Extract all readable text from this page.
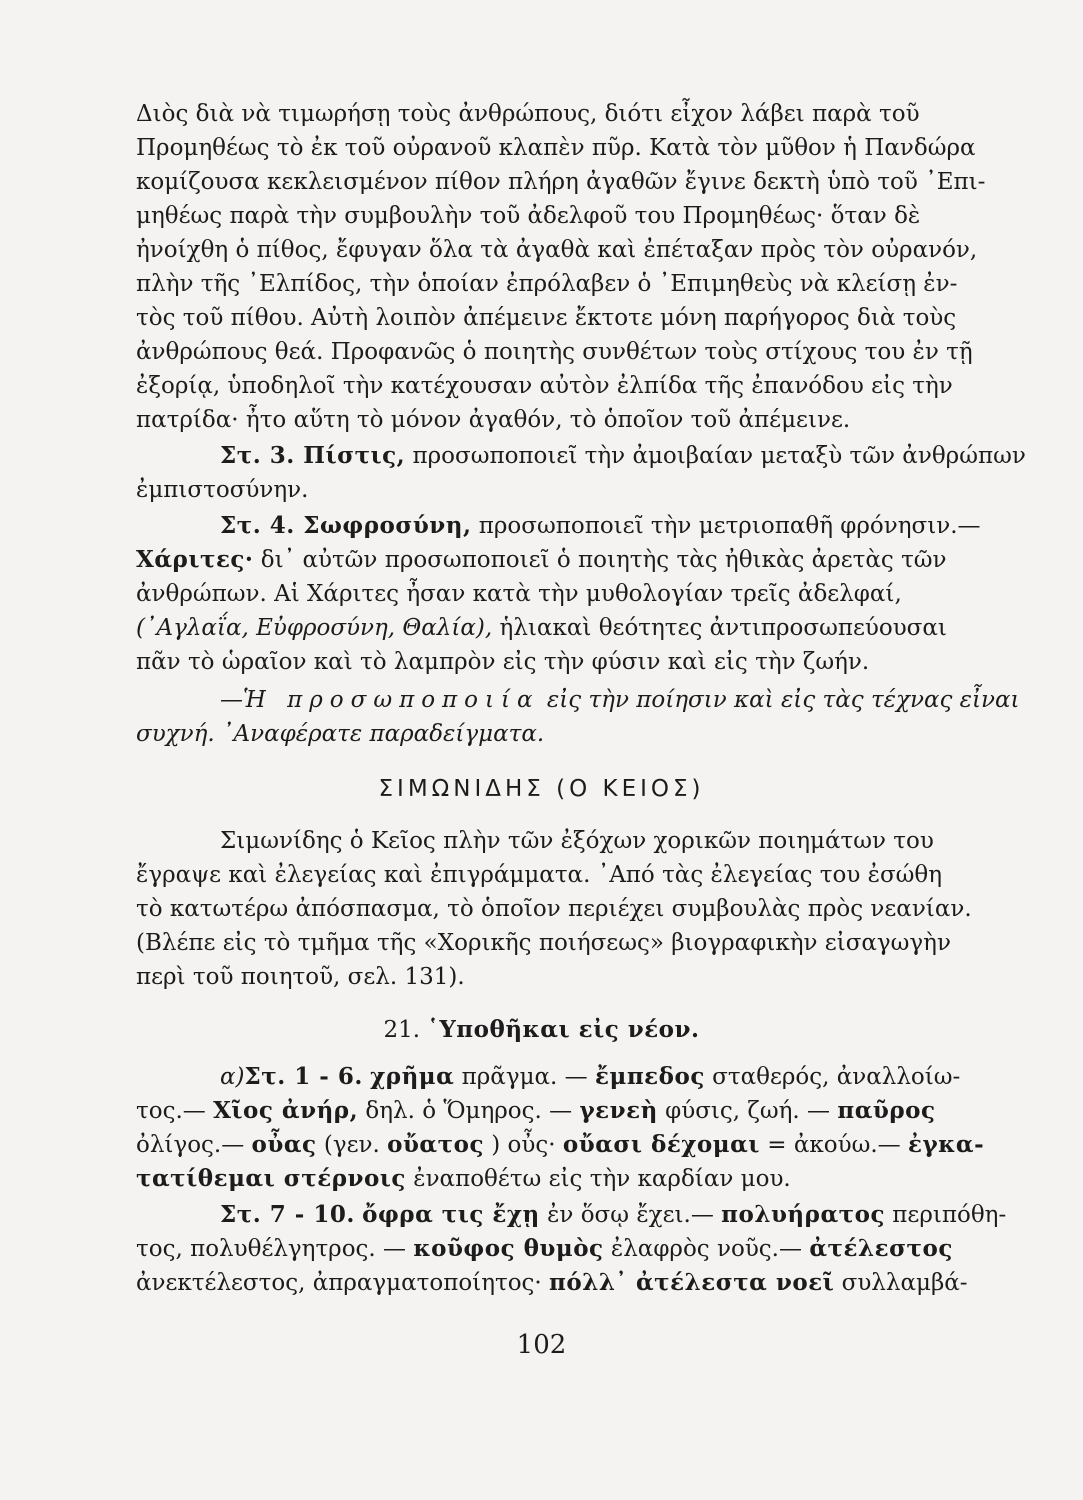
Διὸς διὰ νὰ τιμωρήσῃ τοὺς ἀνθρώπους, διότι εἶχον λάβει παρὰ τοῦ
Προμηθέως τὸ ἐκ τοῦ οὐρανοῦ κλαπὲν πῦρ. Κατὰ τὸν μῦθον ἡ Πανδώρα
κομίζουσα κεκλεισμένον πίθον πλήρη ἀγαθῶν ἔγινε δεκτὴ ὑπὸ τοῦ ᾿Επι-
μηθέως παρὰ τὴν συμβουλὴν τοῦ ἀδελφοῦ του Προμηθέως· ὅταν δὲ
ἠνοίχθη ὁ πίθος, ἔφυγαν ὅλα τὰ ἀγαθὰ καὶ ἐπέταξαν πρὸς τὸν οὐρανόν,
πλὴν τῆς ᾿Ελπίδος, τὴν ὁποίαν ἐπρόλαβεν ὁ ᾿Επιμηθεὺς νὰ κλείσῃ ἐν-
τὸς τοῦ πίθου. Αὐτὴ λοιπὸν ἀπέμεινε ἔκτοτε μόνη παρήγορος διὰ τοὺς
ἀνθρώπους θεά. Προφανῶς ὁ ποιητὴς συνθέτων τοὺς στίχους του ἐν τῇ
ἐξορίᾳ, ὑποδηλοῖ τὴν κατέχουσαν αὐτὸν ἐλπίδα τῆς ἐπανόδου εἰς τὴν
πατρίδα· ἦτο αὕτη τὸ μόνον ἀγαθόν, τὸ ὁποῖον τοῦ ἀπέμεινε.
Στ. 3. Πίστις, προσωποποιεῖ τὴν ἀμοιβαίαν μεταξὺ τῶν ἀνθρώπων
ἐμπιστοσύνην.
Στ. 4. Σωφροσύνη, προσωποποιεῖ τὴν μετριοπαθῆ φρόνησιν.—
Χάριτες· δι᾿ αὐτῶν προσωποποιεῖ ὁ ποιητὴς τὰς ἠθικὰς ἀρετὰς τῶν
ἀνθρώπων. Αἱ Χάριτες ἦσαν κατὰ τὴν μυθολογίαν τρεῖς ἀδελφαί,
(᾿Αγλαΐα, Εὐφροσύνη, Θαλία), ἡλιακαὶ θεότητες ἀντιπροσωπεύουσαι
πᾶν τὸ ὡραῖον καὶ τὸ λαμπρὸν εἰς τὴν φύσιν καὶ εἰς τὴν ζωήν.
—Ἡ προσωποποιία εἰς τὴν ποίησιν καὶ εἰς τὰς τέχνας εἶναι
συχνή. ᾿Αναφέρατε παραδείγματα.
ΣΙΜΩΝΙΔΗΣ (Ο ΚΕΙΟΣ)
Σιμωνίδης ὁ Κεῖος πλὴν τῶν ἐξόχων χορικῶν ποιημάτων του
ἔγραψε καὶ ἐλεγείας καὶ ἐπιγράμματα. ᾿Από τὰς ἐλεγείας του ἐσώθη
τὸ κατωτέρω ἀπόσπασμα, τὸ ὁποῖον περιέχει συμβουλὰς πρὸς νεανίαν.
(Βλέπε εἰς τὸ τμῆμα τῆς «Χορικῆς ποιήσεως» βιογραφικὴν εἰσαγωγὴν
περὶ τοῦ ποιητοῦ, σελ. 131).
21. ῾Υποθῆκαι εἰς νέον.
α)Στ. 1 - 6. χρῆμα πρᾶγμα. — ἔμπεδος σταθερός, ἀναλλοίω-
τος.— Χῖος ἀνήρ, δηλ. ὁ Ὅμηρος. — γενεὴ φύσις, ζωή. — παῦρος
ὀλίγος.— οὖας (γεν. οὔατος ) οὖς· οὔασι δέχομαι = ἀκούω.— ἐγκα-
τατίθεμαι στέρνοις ἐναποθέτω εἰς τὴν καρδίαν μου.
Στ. 7 - 10. ὄφρα τις ἔχῃ ἐν ὅσῳ ἔχει.— πολυήρατος περιπόθη-
τος, πολυθέλγητρος. — κοῦφος θυμὸς ἐλαφρὸς νοῦς.— ἀτέλεστος
ἀνεκτέλεστος, ἀπραγματοποίητος· πόλλ᾿ ἀτέλεστα νοεῖ συλλαμβά-
102
